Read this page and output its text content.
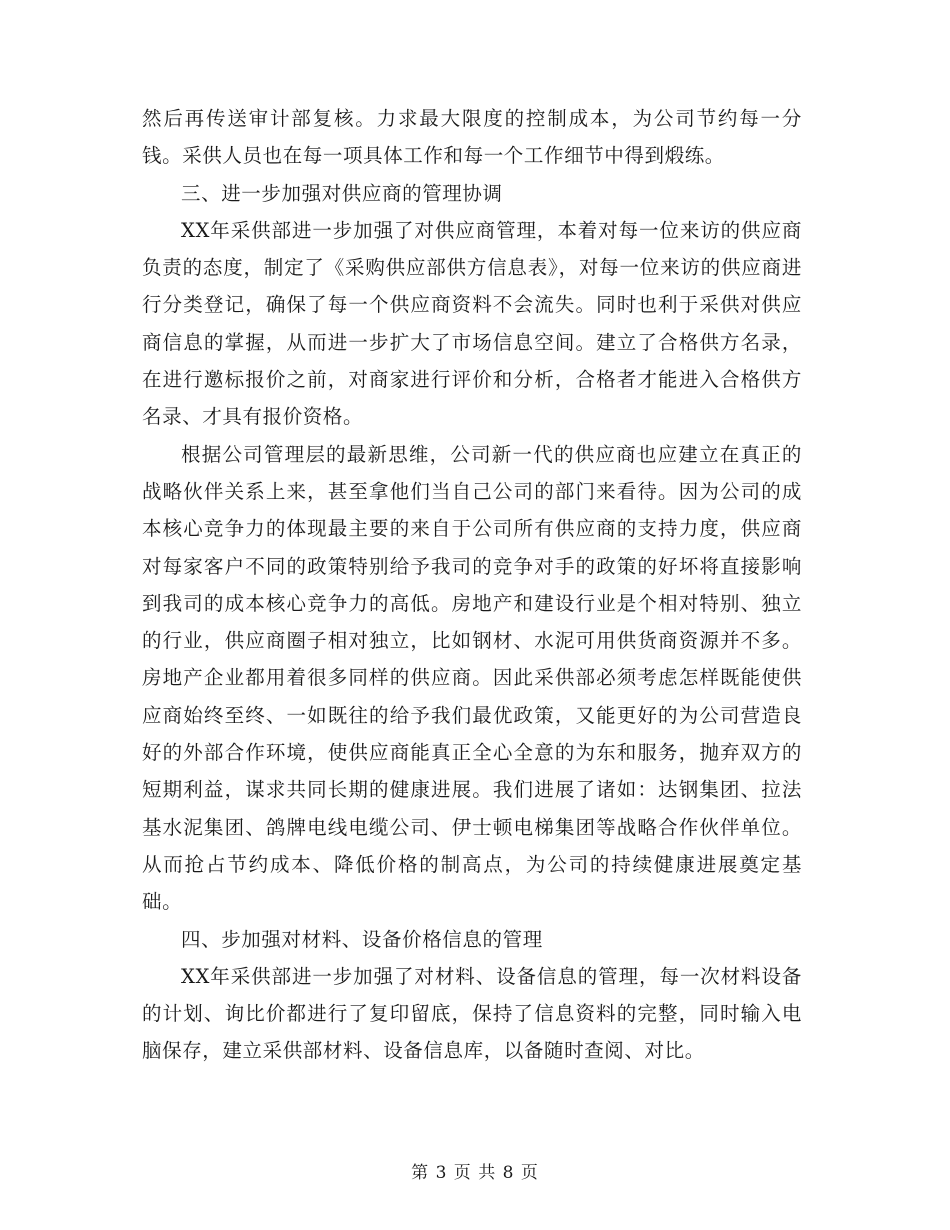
然后再传送审计部复核。力求最大限度的控制成本，为公司节约每一分钱。采供人员也在每一项具体工作和每一个工作细节中得到煅练。

三、进一步加强对供应商的管理协调

XX年采供部进一步加强了对供应商管理，本着对每一位来访的供应商负责的态度，制定了《采购供应部供方信息表》，对每一位来访的供应商进行分类登记，确保了每一个供应商资料不会流失。同时也利于采供对供应商信息的掌握，从而进一步扩大了市场信息空间。建立了合格供方名录，在进行邀标报价之前，对商家进行评价和分析，合格者才能进入合格供方名录、才具有报价资格。

根据公司管理层的最新思维，公司新一代的供应商也应建立在真正的战略伙伴关系上来，甚至拿他们当自己公司的部门来看待。因为公司的成本核心竞争力的体现最主要的来自于公司所有供应商的支持力度，供应商对每家客户不同的政策特别给予我司的竞争对手的政策的好坏将直接影响到我司的成本核心竞争力的高低。房地产和建设行业是个相对特别、独立的行业，供应商圈子相对独立，比如钢材、水泥可用供货商资源并不多。房地产企业都用着很多同样的供应商。因此采供部必须考虑怎样既能使供应商始终至终、一如既往的给予我们最优政策，又能更好的为公司营造良好的外部合作环境，使供应商能真正全心全意的为东和服务，抛弃双方的短期利益，谋求共同长期的健康进展。我们进展了诸如：达钢集团、拉法基水泥集团、鸽牌电线电缆公司、伊士顿电梯集团等战略合作伙伴单位。从而抢占节约成本、降低价格的制高点，为公司的持续健康进展奠定基础。

四、步加强对材料、设备价格信息的管理

XX年采供部进一步加强了对材料、设备信息的管理，每一次材料设备的计划、询比价都进行了复印留底，保持了信息资料的完整，同时输入电脑保存，建立采供部材料、设备信息库，以备随时查阅、对比。

第 3 页 共 8 页
